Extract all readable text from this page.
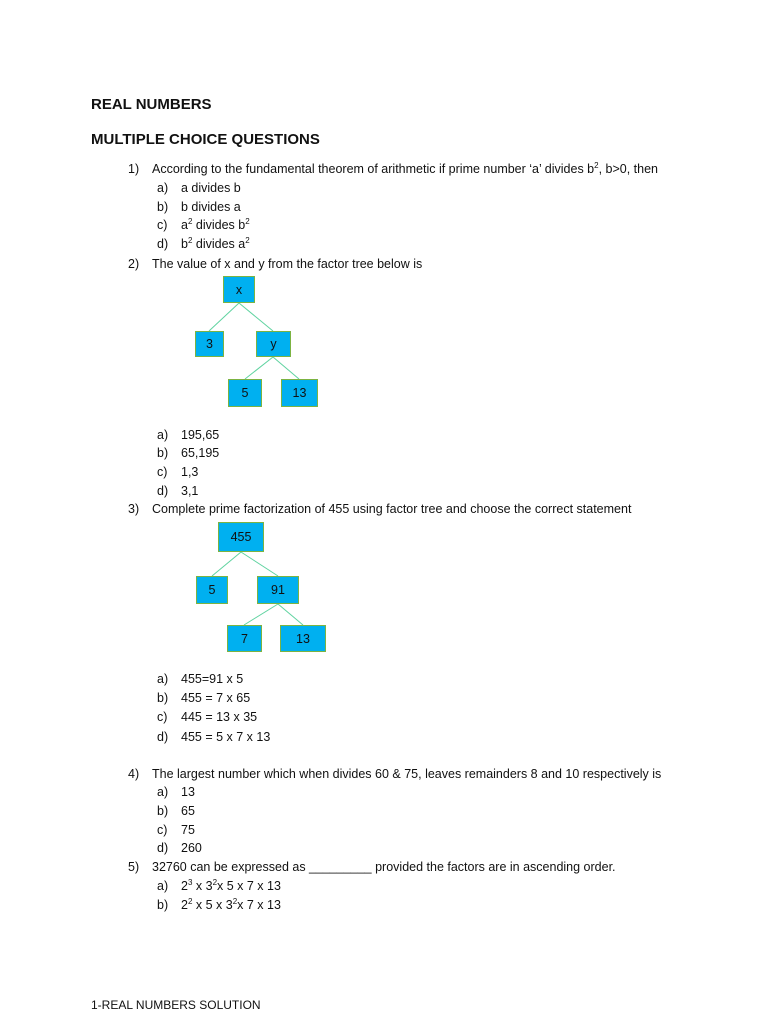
REAL NUMBERS
MULTIPLE CHOICE QUESTIONS
1) According to the fundamental theorem of arithmetic if prime number ‘a’ divides $b^2$, b>0, then
a) a divides b
b) b divides a
c) $a^2$ divides $b^2$
d) $b^2$ divides $a^2$
2) The value of x and y from the factor tree below is
x
3	y
5	13
a) 195,65
b) 65,195
c) 1,3
d) 3,1
3) Complete prime factorization of 455 using factor tree and choose the correct statement
455
5	91
7	13
a) 455=91 x 5
b) 455 = 7 x 65
c) 445 = 13 x 35
d) 455 = 5 x 7 x 13
4) The largest number which when divides 60 & 75, leaves remainders 8 and 10 respectively is
a) 13
b) 65
c) 75
d) 260
5) 32760 can be expressed as _________ provided the factors are in ascending order.
a) $2^3$ x $3^2x$ 5 x 7 x 13
b) $2^2$ x 5 x $3^2x$ 7 x 13
1-REAL NUMBERS SOLUTION
